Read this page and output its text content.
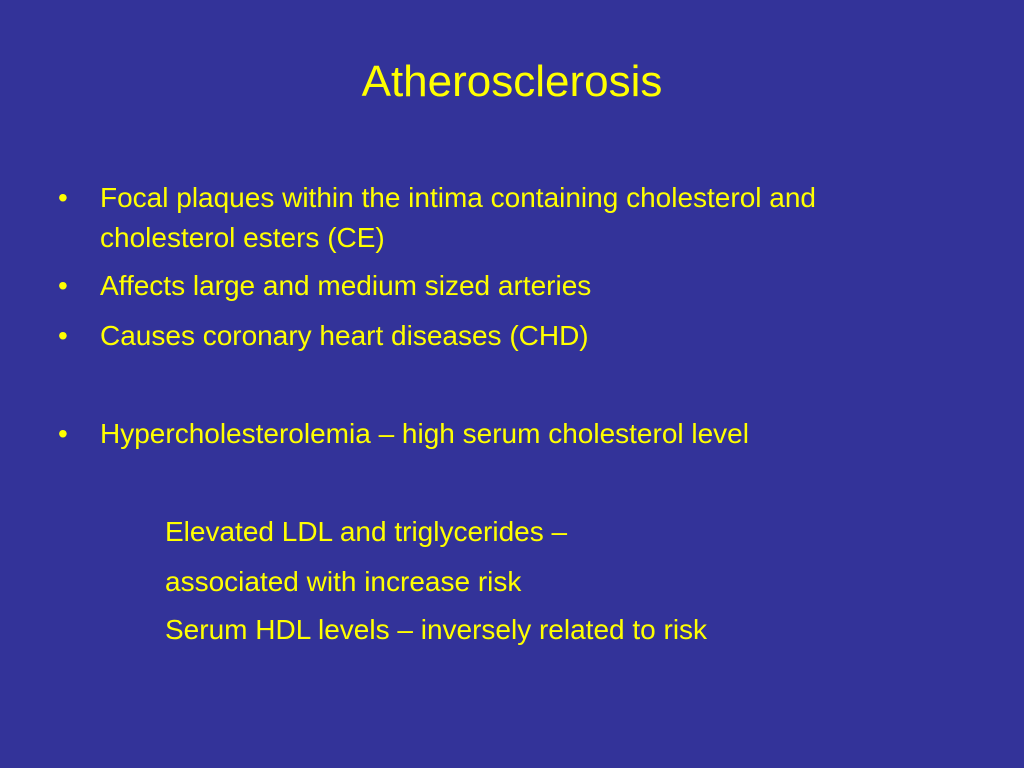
Atherosclerosis
•	Focal plaques within the intima containing cholesterol and cholesterol esters (CE)
•	Affects large and medium sized arteries
•	Causes coronary heart diseases (CHD)
•	Hypercholesterolemia – high serum cholesterol level
Elevated LDL and triglycerides –
associated with increase risk
Serum HDL levels – inversely related to risk
